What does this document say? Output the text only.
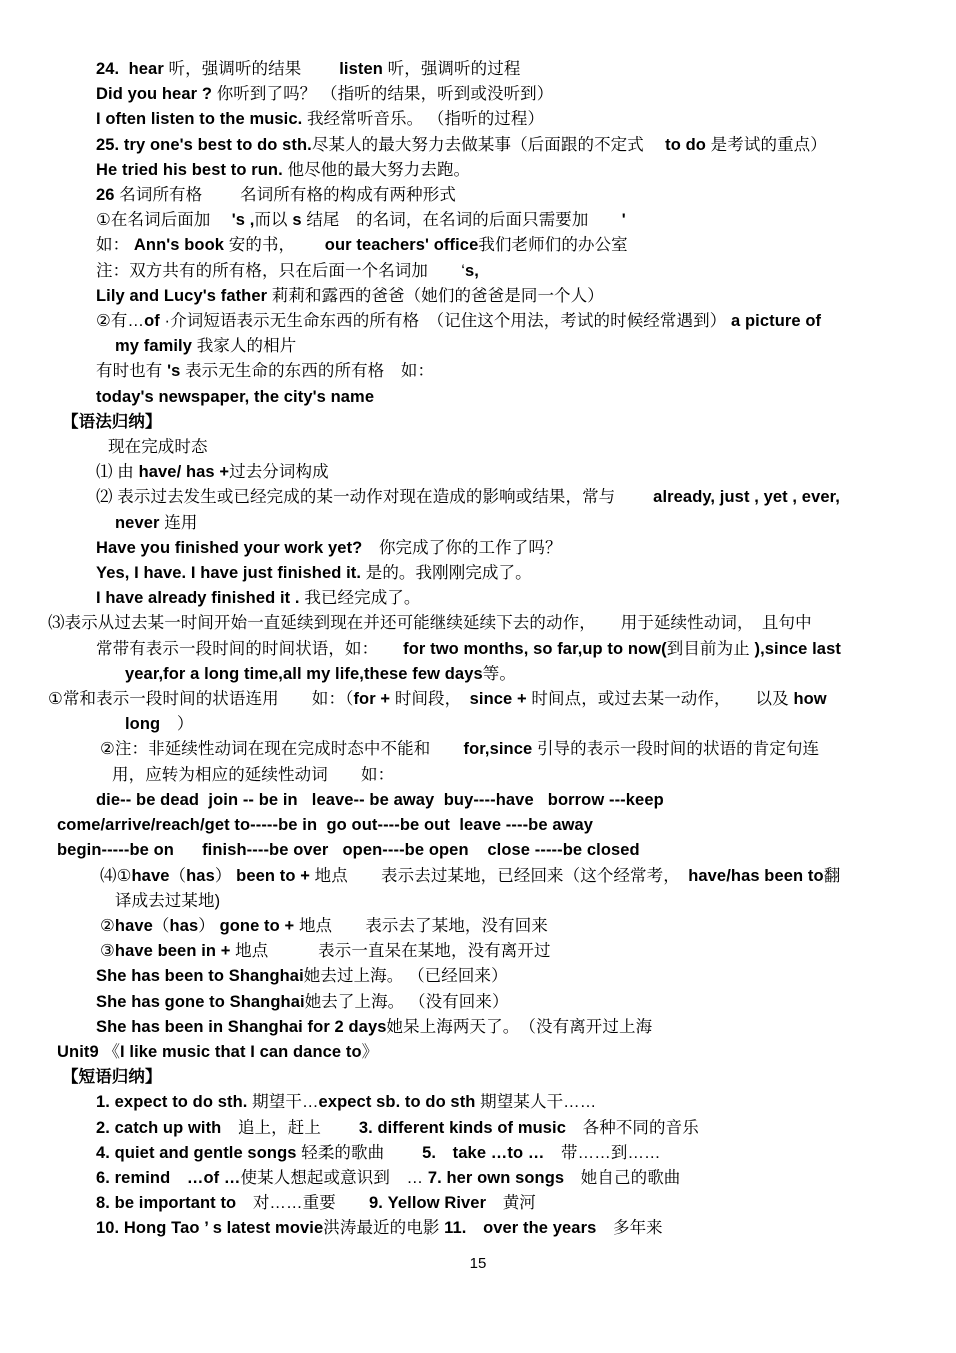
24.  hear 听，强调听的结果　　 listen 听，强调听的过程

Did you hear ? 你听到了吗？ （指听的结果，听到或没听到）

I often listen to the music. 我经常听音乐。 （指听的过程）

25. try one's best to do sth.尽某人的最大努力去做某事（后面跟的不定式　 to do 是考试的重点）

He tried his best to run. 他尽他的最大努力去跑。

26 名词所有格　　 名词所有格的构成有两种形式

①在名词后面加　 's ,而以 s 结尾　的名词，在名词的后面只需要加　　'

如： Ann's book 安的书，　　 our teachers' office我们老师们的办公室

注：双方共有的所有格，只在后面一个名词加　　‘s,

Lily and Lucy's father 莉莉和露西的爸爸（她们的爸爸是同一个人）

②有…of ·介词短语表示无生命东西的所有格　（记住这个用法，考试的时候经常遇到） a picture of

my family 我家人的相片

有时也有 's 表示无生命的东西的所有格　如：

today's newspaper, the city's name

【语法归纳】

现在完成时态

⑴ 由 have/ has +过去分词构成

⑵ 表示过去发生或已经完成的某一动作对现在造成的影响或结果，常与　　 already, just , yet , ever,

never 连用

Have you finished your work yet?　你完成了你的工作了吗？

Yes, I have. I have just finished it. 是的。我刚刚完成了。

I have already finished it . 我已经完成了。

⑶表示从过去某一时间开始一直延续到现在并还可能继续延续下去的动作，　　用于延续性动词，　且句中

常带有表示一段时间的时间状语，如：　　for two months, so far,up to now(到目前为止 ),since last

year,for a long time,all my life,these few days等。

①常和表示一段时间的状语连用　　如：（for + 时间段，　since + 时间点，或过去某一动作，　　以及 how

long　）

②注：非延续性动词在现在完成时态中不能和　　for,since 引导的表示一段时间的状语的肯定句连

用，应转为相应的延续性动词　　如：

die-- be dead  join -- be in   leave-- be away  buy----have   borrow ---keep

come/arrive/reach/get to-----be in  go out----be out  leave ----be away

begin-----be on      finish----be over   open----be open    close -----be closed

⑷①have（has） been to + 地点　　表示去过某地，已经回来（这个经常考，　have/has been to翻

译成去过某地)

②have（has） gone to + 地点　　表示去了某地，没有回来

③have been in + 地点　　　表示一直呆在某地，没有离开过

She has been to Shanghai她去过上海。 （已经回来）

She has gone to Shanghai她去了上海。 （没有回来）

She has been in Shanghai for 2 days她呆上海两天了。　（没有离开过上海

Unit9 《I like music that I can dance to》

【短语归纳】

1. expect to do sth. 期望干…expect sb. to do sth 期望某人干……

2. catch up with　追上，赶上　　 3. different kinds of music　各种不同的音乐

4. quiet and gentle songs 轻柔的歌曲　　 5.　take …to …　带……到……

6. remind　…of …使某人想起或意识到　… 7. her own songs　她自己的歌曲

8. be important to　对……重要　　9. Yellow River　黄河

10. Hong Tao ’ s latest movie洪涛最近的电影 11.　over the years　多年来

15
